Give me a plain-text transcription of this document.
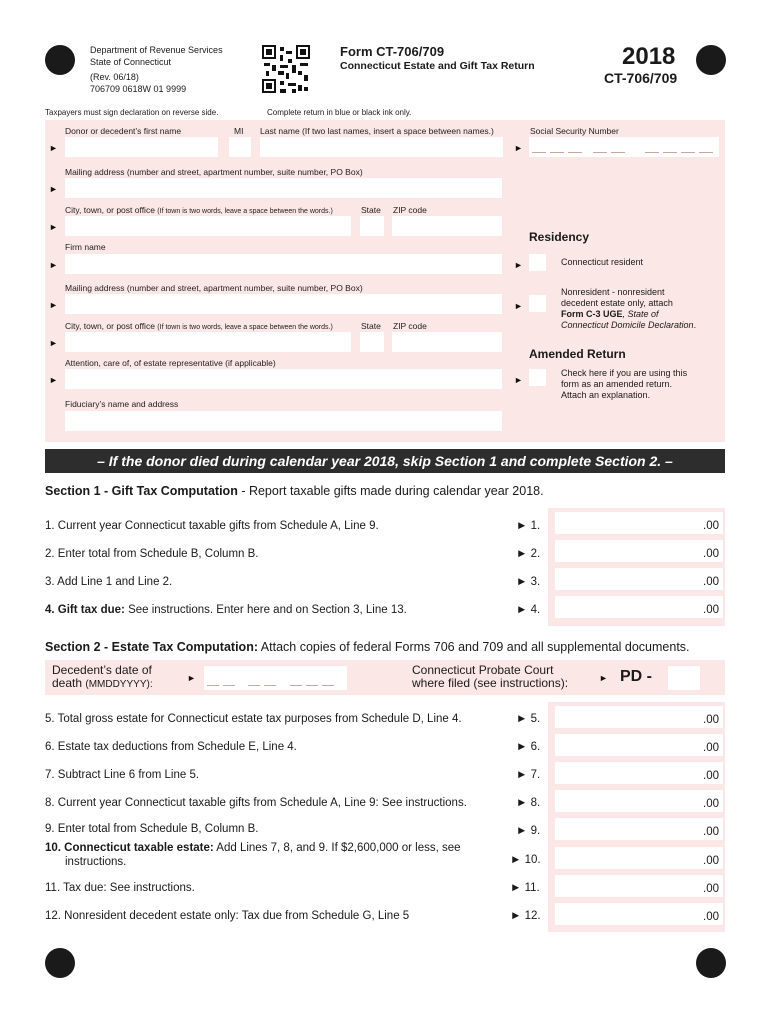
Department of Revenue Services
State of Connecticut
(Rev. 06/18)
706709 0618W 01 9999
Form CT-706/709
Connecticut Estate and Gift Tax Return	2018
CT-706/709
Taxpayers must sign declaration on reverse side.	Complete return in blue or black ink only.
Donor or decedent’s first name	MI Last name (If two last names, insert a space between names.)	Social Security Number
►	►
Mailing address (number and street, apartment number, suite number, PO Box)
►
City, town, or post office (If town is two words, leave a space between the words.)	State ZIP code
►
Firm name
►
Mailing address (number and street, apartment number, suite number, PO Box)
►
City, town, or post office (If town is two words, leave a space between the words.)	State ZIP code
►
Attention, care of, of estate representative (if applicable)
►
Fiduciary’s name and address
Residency
►	Connecticut resident
►
Nonresident - nonresident
decedent estate only, attach
Form C-3 UGE, State of
Connecticut Domicile Declaration.
Amended Return
►
Check here if you are using this
form as an amended return.
Attach an explanation.
– If the donor died during calendar year 2018, skip Section 1 and complete Section 2. –
Section 1 - Gift Tax Computation - Report taxable gifts made during calendar year 2018.
1. Current year Connecticut taxable gifts from Schedule A, Line 9.	► 1.	.00
2. Enter total from Schedule B, Column B.	► 2.	.00
3. Add Line 1 and Line 2.	► 3.	.00
4. Gift tax due: See instructions. Enter here and on Section 3, Line 13.	► 4.	.00
Section 2 - Estate Tax Computation: Attach copies of federal Forms 706 and 709 and all supplemental documents.
Decedent’s date of
death (MMDDYYYY):
►
Connecticut Probate Court
where filed (see instructions):	► PD -
5. Total gross estate for Connecticut estate tax purposes from Schedule D, Line 4.	► 5.	.00
6. Estate tax deductions from Schedule E, Line 4.	► 6.	.00
7. Subtract Line 6 from Line 5.	► 7.	.00
8. Current year Connecticut taxable gifts from Schedule A, Line 9: See instructions.	► 8.	.00
9. Enter total from Schedule B, Column B.	► 9.	.00
10. Connecticut taxable estate: Add Lines 7, 8, and 9. If $2,600,000 or less, see
instructions.	► 10.	.00
11. Tax due: See instructions.	► 11.	.00
12. Nonresident decedent estate only: Tax due from Schedule G, Line 5	► 12.	.00
